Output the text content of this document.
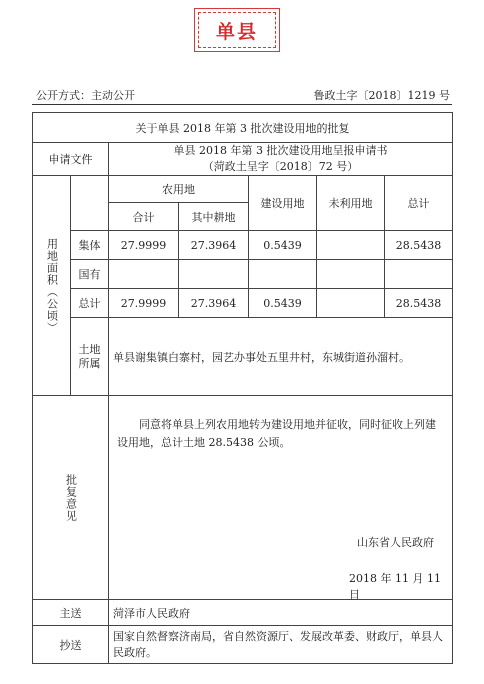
单县
公开方式：主动公开	鲁政土字〔2018〕1219 号
关于单县 2018 年第 3 批次建设用地的批复						
申请文件		单县 2018 年第 3 批次建设用地呈报申请书
（菏政土呈字〔2018〕72 号）				

用地面积（公顷）		农用地		建设用地	未利用地	总计
		合计	其中耕地			
	集体	27.9999	27.3964	0.5439		28.5438
	国有					
	总计	27.9999	27.3964	0.5439		28.5438

	土地
所属	单县谢集镇白寨村，园艺办事处五里井村，东城街道孙溜村。				
批复意见		同意将单县上列农用地转为建设用地并征收，同时征收上列建设用地，总计土地 28.5438 公顷。
山东省人民政府
2018 年 11 月 11 日				

主送		菏泽市人民政府				
抄送		国家自然督察济南局，省自然资源厅、发展改革委、财政厅，单县人民政府。				
